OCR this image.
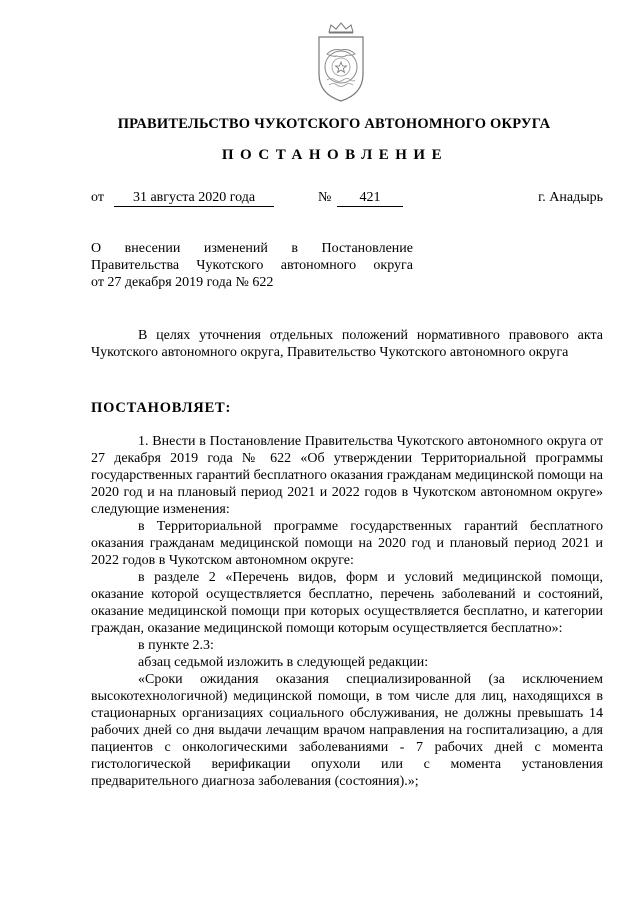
ПРАВИТЕЛЬСТВО ЧУКОТСКОГО АВТОНОМНОГО ОКРУГА
ПОСТАНОВЛЕНИЕ
от	31 августа 2020 года	№	421	г. Анадырь
О внесении изменений в Постановление
Правительства Чукотского автономного округа
от 27 декабря 2019 года № 622

В целях уточнения отдельных положений нормативного правового акта Чукотского автономного округа, Правительство Чукотского автономного округа

ПОСТАНОВЛЯЕТ:

1. Внести в Постановление Правительства Чукотского автономного округа от 27 декабря 2019 года № 622 «Об утверждении Территориальной программы государственных гарантий бесплатного оказания гражданам медицинской помощи на 2020 год и на плановый период 2021 и 2022 годов в Чукотском автономном округе» следующие изменения:

в Территориальной программе государственных гарантий бесплатного оказания гражданам медицинской помощи на 2020 год и плановый период 2021 и 2022 годов в Чукотском автономном округе:

в разделе 2 «Перечень видов, форм и условий медицинской помощи, оказание которой осуществляется бесплатно, перечень заболеваний и состояний, оказание медицинской помощи при которых осуществляется бесплатно, и категории граждан, оказание медицинской помощи которым осуществляется бесплатно»:

в пункте 2.3:

абзац седьмой изложить в следующей редакции:

«Сроки ожидания оказания специализированной (за исключением высокотехнологичной) медицинской помощи, в том числе для лиц, находящихся в стационарных организациях социального обслуживания, не должны превышать 14 рабочих дней со дня выдачи лечащим врачом направления на госпитализацию, а для пациентов с онкологическими заболеваниями - 7 рабочих дней с момента гистологической верификации опухоли или с момента установления предварительного диагноза заболевания (состояния).»;
